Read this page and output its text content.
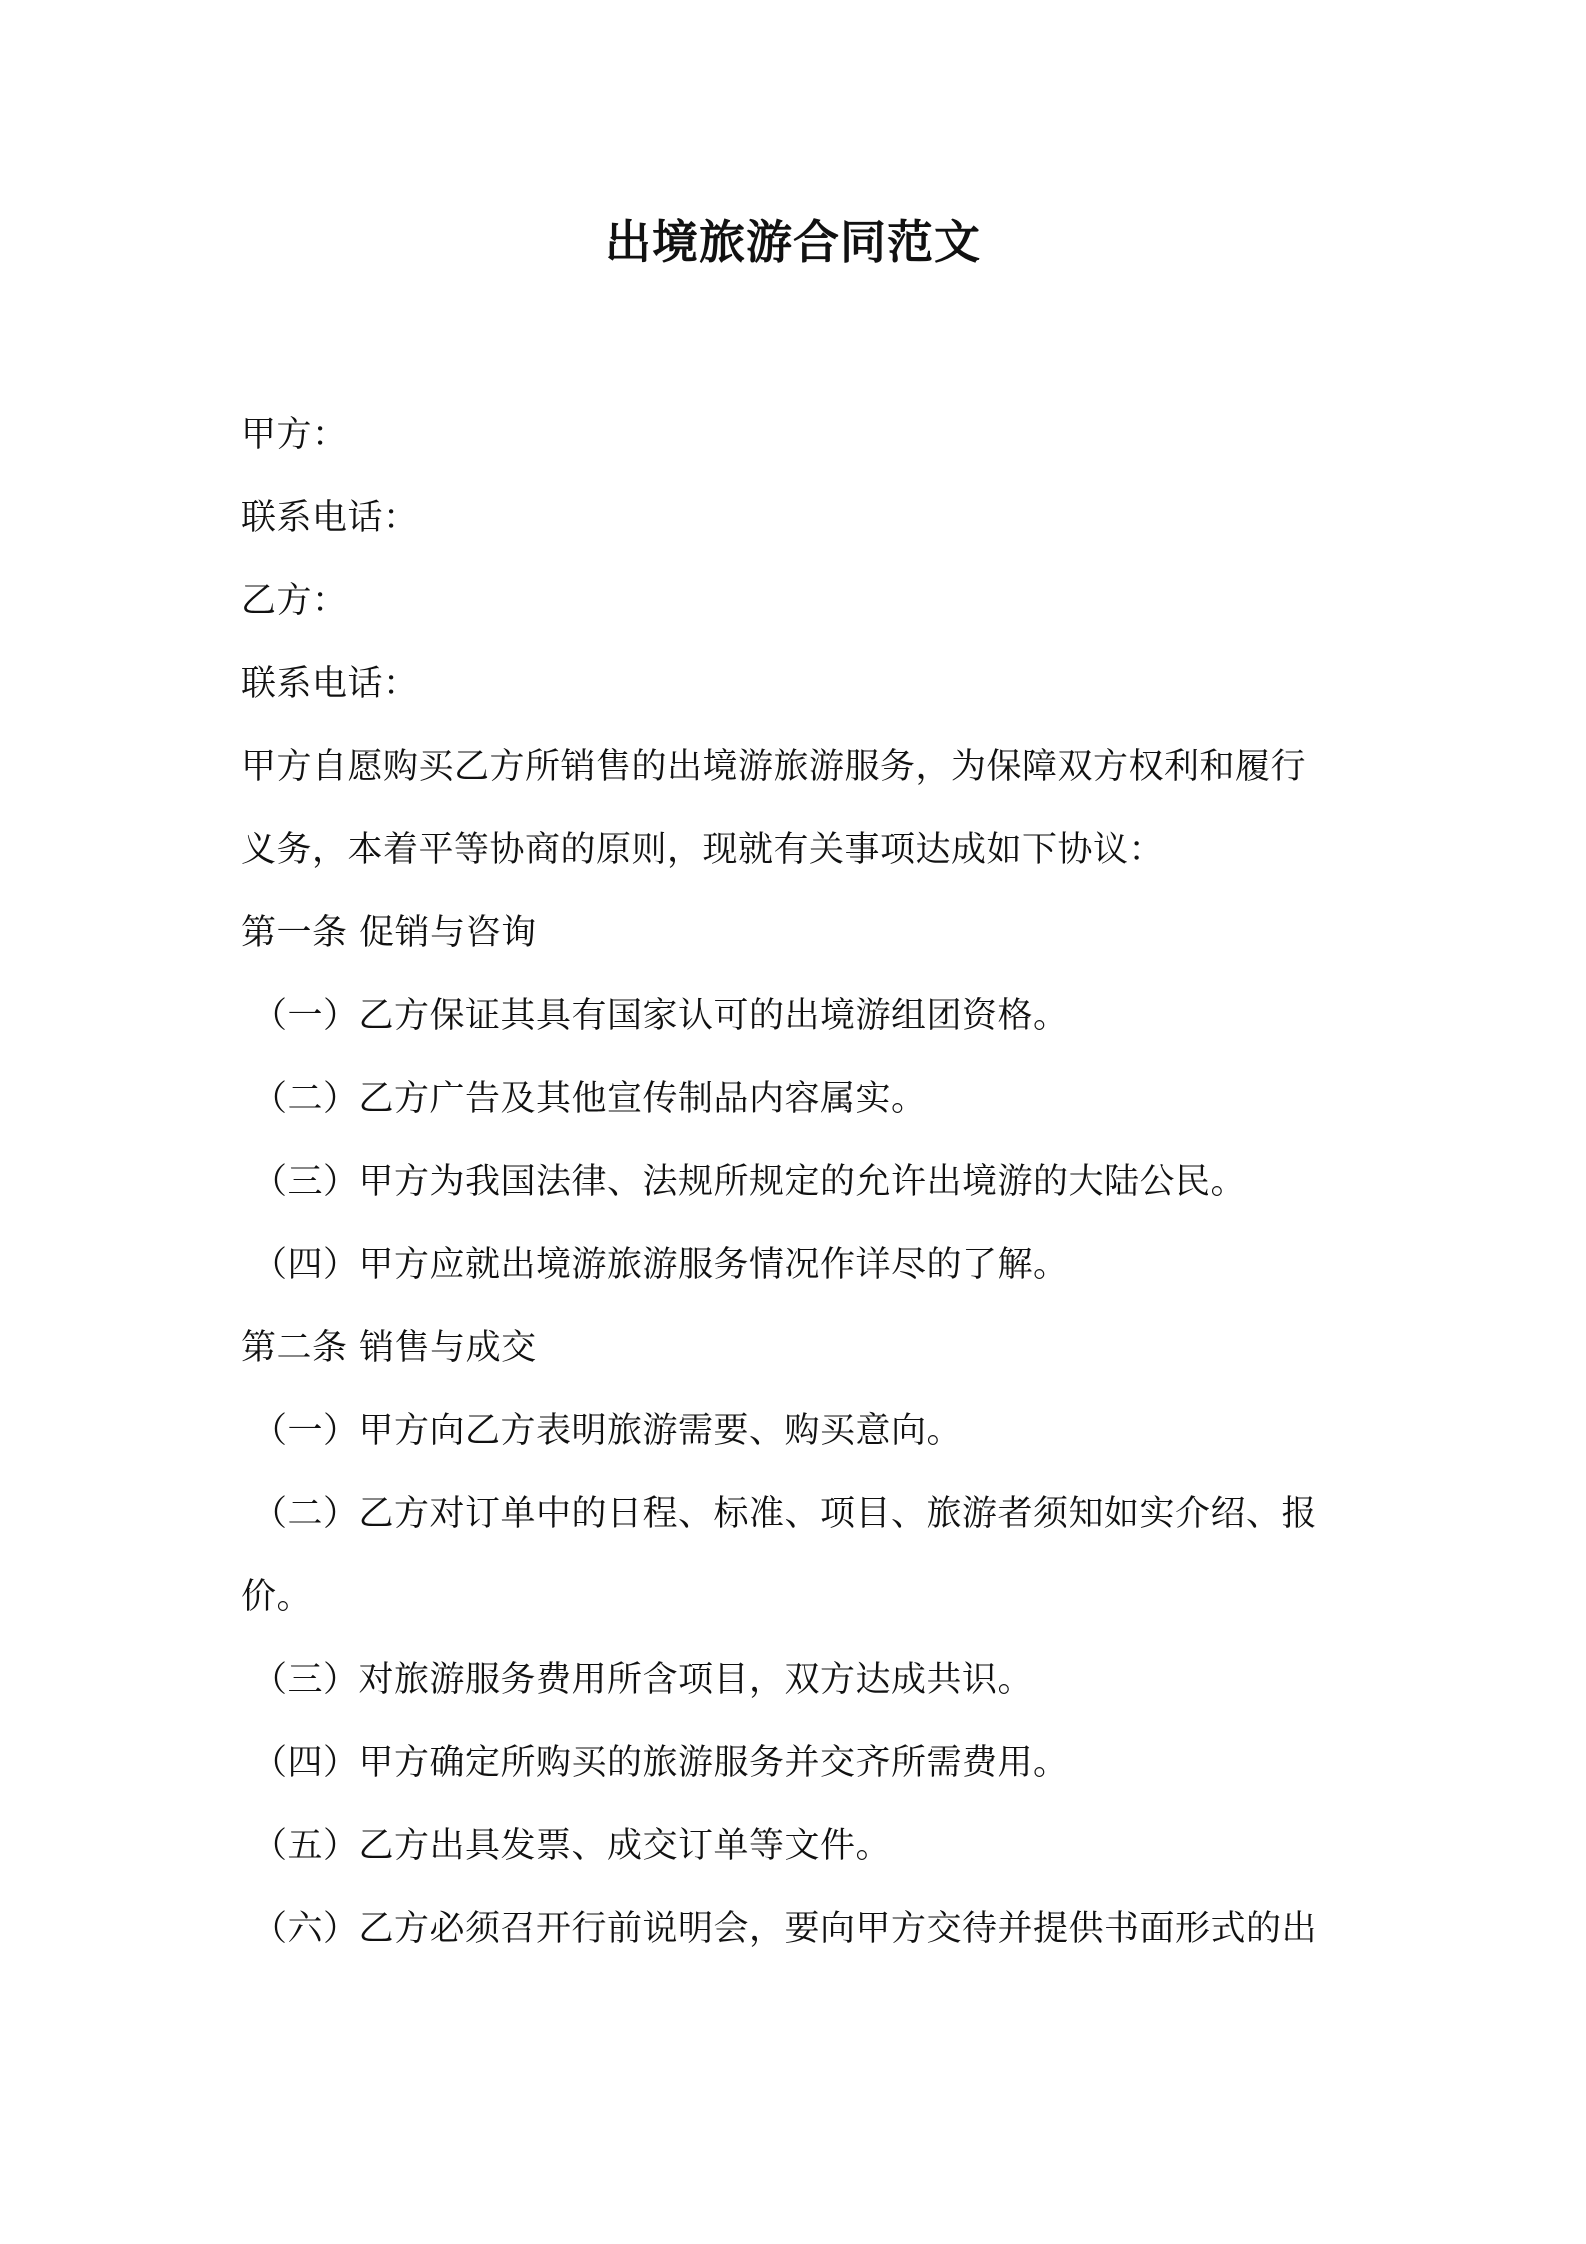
出境旅游合同范文
甲方：
联系电话：
乙方：
联系电话：
甲方自愿购买乙方所销售的出境游旅游服务，为保障双方权利和履行
义务，本着平等协商的原则，现就有关事项达成如下协议：
第一条 促销与咨询
（一）乙方保证其具有国家认可的出境游组团资格。
（二）乙方广告及其他宣传制品内容属实。
（三）甲方为我国法律、法规所规定的允许出境游的大陆公民。
（四）甲方应就出境游旅游服务情况作详尽的了解。
第二条 销售与成交
（一）甲方向乙方表明旅游需要、购买意向。
（二）乙方对订单中的日程、标准、项目、旅游者须知如实介绍、报
价。
（三）对旅游服务费用所含项目，双方达成共识。
（四）甲方确定所购买的旅游服务并交齐所需费用。
（五）乙方出具发票、成交订单等文件。
（六）乙方必须召开行前说明会，要向甲方交待并提供书面形式的出
